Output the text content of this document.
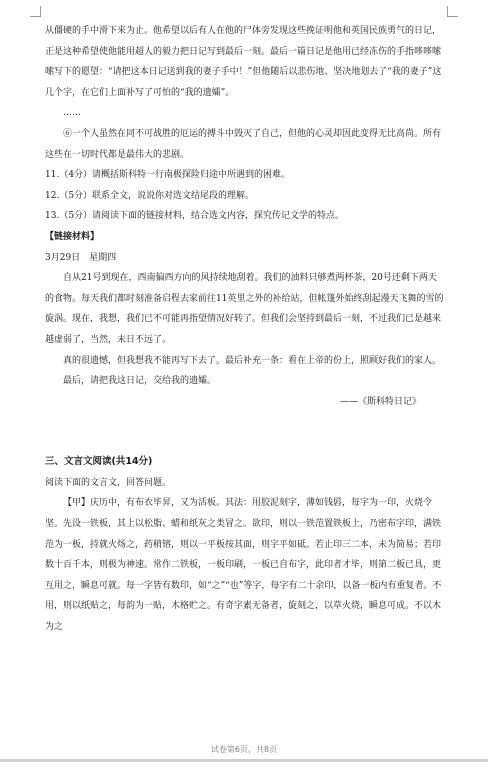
从僵硬的手中滑下来为止。他希望以后有人在他的尸体旁发现这些挽证明他和英国民族勇气的日记，正是这种希望使他能用超人的毅力把日记写到最后一刻。最后一篇日记是他用已经冻伤的手指哆哆嗦嗦写下的愿望：“请把这本日记送到我的妻子手中！”但他随后以悲伤地、坚决地划去了“我的妻子”这几个字，在它们上面补写了可怕的“我的遗孀”。

……

⑥一个人虽然在同不可战胜的厄运的搏斗中毁灭了自己，但他的心灵却因此变得无比高尚。所有这些在一切时代都是最伟大的悲剧。

11.（4分）请概括斯科特一行南极探险归途中所遇到的困难。

12.（5分）联系全文，说说你对选文结尾段的理解。

13.（5分）请阅读下面的链接材料，结合选文内容，探究传记文学的特点。

【链接材料】

3月29日　星期四

自从21号到现在，西南偏西方向的风持续地刮着。我们的油料只够煮两杯茶，20号还剩下两天的食物。每天我们都时刻准备启程去家前往11英里之外的补给站，但帐篷外始终刮起漫天飞舞的雪的旋涡。现在，我想，我们已不可能再指望情况好转了。但我们会坚持到最后一刻，不过我们已是越来越虚弱了，当然，末日不远了。

真的很遗憾，但我想我不能再写下去了。最后补充一条：看在上帝的份上，照顾好我们的家人。

最后，请把我这日记，交给我的遗孀。

——《斯科特日记》

三、文言文阅读(共14分)

阅读下面的文言文，回答问题。

【甲】庆历中，有布衣毕昇，又为活板。其法：用胶泥刻字，薄如钱唇，每字为一印，火烧令坚。先设一铁板，其上以松脂、蜡和纸灰之类冒之。欲印，则以一铁范置铁板上，乃密布字印，满铁范为一板，持就火炀之，药稍镕，则以一平板按其面，则字平如砥。若止印三二本，未为简易；若印数十百千本，则极为神速。常作二铁板，一板印刷，一板已自布字，此印者才毕，则第二板已具，更互用之，瞬息可就。每一字皆有数印，如“之”“也”等字，每字有二十余印，以备一板内有重复者。不用，则以纸贴之，每韵为一贴，木格贮之。有奇字素无备者，旋刻之，以草火烧，瞬息可成。不以木为之

试卷第6页，共8页
